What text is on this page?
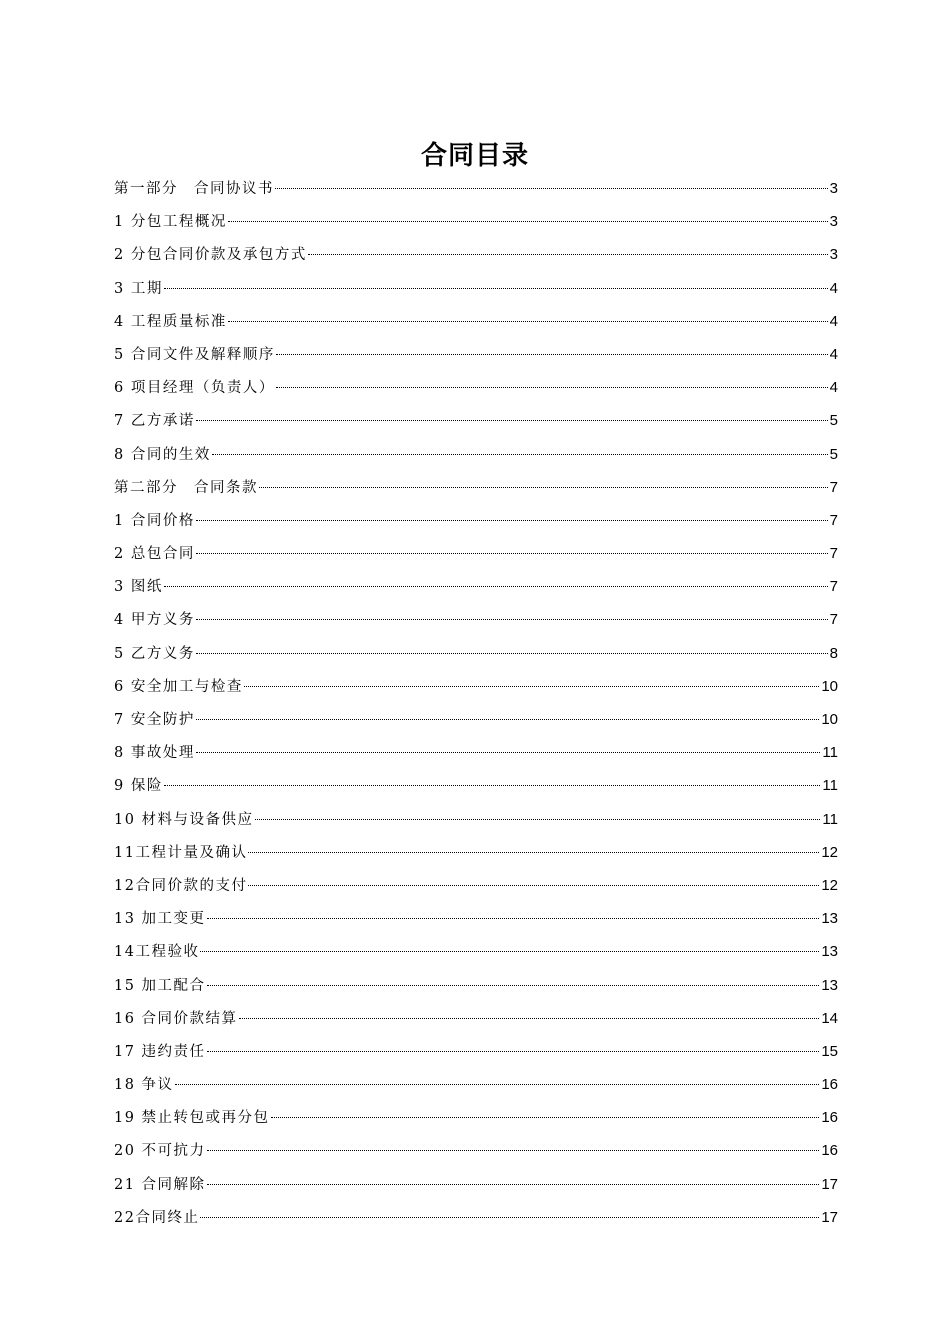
合同目录
第一部分　合同协议书	3
1 分包工程概况	3
2 分包合同价款及承包方式	3
3 工期	4
4 工程质量标准	4
5 合同文件及解释顺序	4
6 项目经理（负责人）	4
7 乙方承诺	5
8 合同的生效	5
第二部分　合同条款	7
1 合同价格	7
2 总包合同	7
3 图纸	7
4 甲方义务	7
5 乙方义务	8
6 安全加工与检查	10
7 安全防护	10
8 事故处理	11
9 保险	11
10 材料与设备供应	11
11工程计量及确认	12
12合同价款的支付	12
13 加工变更	13
14工程验收	13
15 加工配合	13
16 合同价款结算	14
17 违约责任	15
18 争议	16
19 禁止转包或再分包	16
20 不可抗力	16
21 合同解除	17
22合同终止	17
